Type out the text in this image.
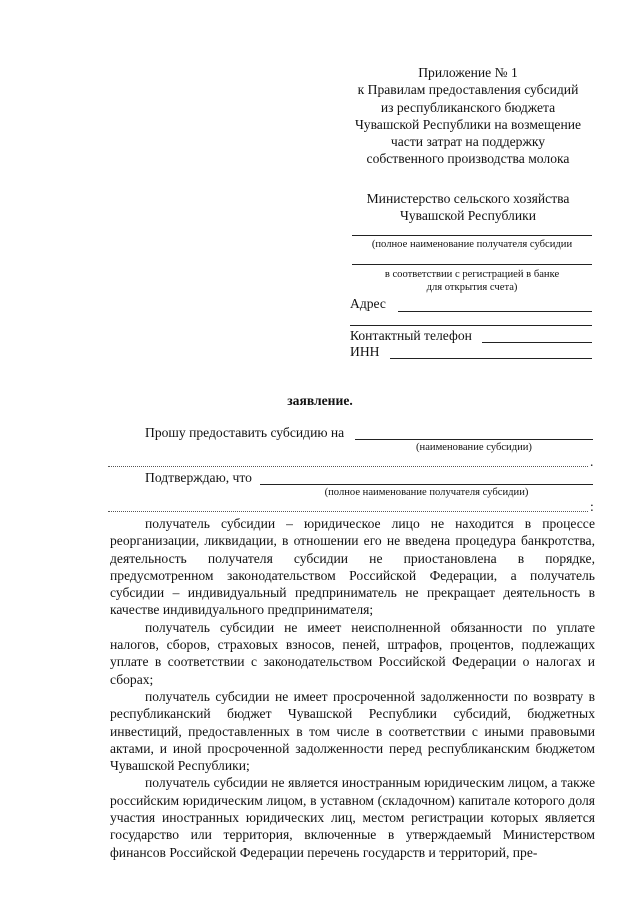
Приложение № 1
к Правилам предоставления субсидий
из республиканского бюджета
Чувашской Республики на возмещение
части затрат на поддержку
собственного производства молока
Министерство сельского хозяйства
Чувашской Республики
(полное наименование получателя субсидии
в соответствии с регистрацией в банке
для открытия счета)
Адрес
Контактный телефон
ИНН
заявление.
Прошу предоставить субсидию на
(наименование субсидии)
.
Подтверждаю, что
(полное наименование получателя субсидии)
:

получатель субсидии – юридическое лицо не находится в процессе реорганизации, ликвидации, в отношении его не введена процедура банкротства, деятельность получателя субсидии не приостановлена в порядке, предусмотренном законодательством Российской Федерации, а получатель субсидии – индивидуальный предприниматель не прекращает деятельность в качестве индивидуального предпринимателя;

получатель субсидии не имеет неисполненной обязанности по уплате налогов, сборов, страховых взносов, пеней, штрафов, процентов, подлежащих уплате в соответствии с законодательством Российской Федерации о налогах и сборах;

получатель субсидии не имеет просроченной задолженности по возврату в республиканский бюджет Чувашской Республики субсидий, бюджетных инвестиций, предоставленных в том числе в соответствии с иными правовыми актами, и иной просроченной задолженности перед республиканским бюджетом Чувашской Республики;

получатель субсидии не является иностранным юридическим лицом, а также российским юридическим лицом, в уставном (складочном) капитале которого доля участия иностранных юридических лиц, местом регистрации которых является государство или территория, включенные в утверждаемый Министерством финансов Российской Федерации перечень государств и территорий, пре-
